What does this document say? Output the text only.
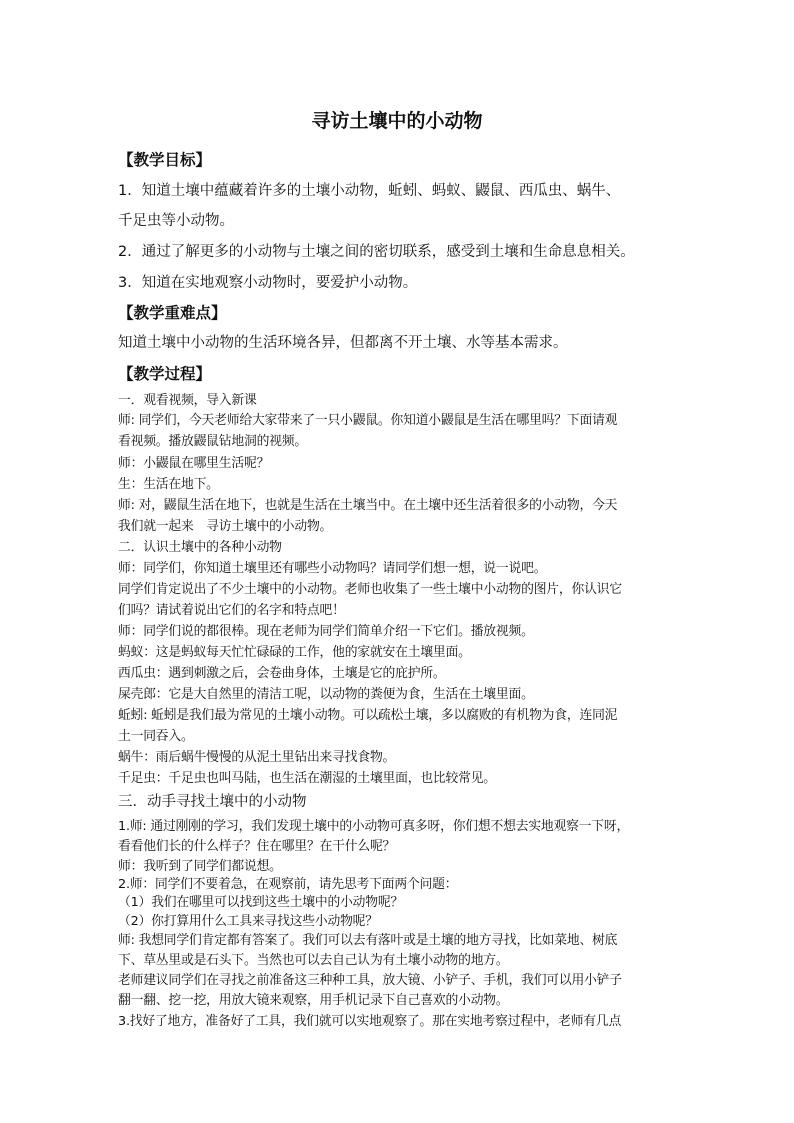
寻访土壤中的小动物
【教学目标】
1．知道土壤中蕴藏着许多的土壤小动物，蚯蚓、蚂蚁、鼹鼠、西瓜虫、蜗牛、
千足虫等小动物。
2．通过了解更多的小动物与土壤之间的密切联系，感受到土壤和生命息息相关。
3．知道在实地观察小动物时，要爱护小动物。
【教学重难点】
知道土壤中小动物的生活环境各异，但都离不开土壤、水等基本需求。
【教学过程】
一．观看视频，导入新课
师: 同学们，今天老师给大家带来了一只小鼹鼠。你知道小鼹鼠是生活在哪里吗？下面请观
看视频。播放鼹鼠钻地洞的视频。
师：小鼹鼠在哪里生活呢？
生：生活在地下。
师: 对，鼹鼠生活在地下，也就是生活在土壤当中。在土壤中还生活着很多的小动物，今天
我们就一起来　寻访土壤中的小动物。
二．认识土壤中的各种小动物
师：同学们，你知道土壤里还有哪些小动物吗？请同学们想一想，说一说吧。
同学们肯定说出了不少土壤中的小动物。老师也收集了一些土壤中小动物的图片，你认识它
们吗？请试着说出它们的名字和特点吧！
师：同学们说的都很棒。现在老师为同学们简单介绍一下它们。播放视频。
蚂蚁：这是蚂蚁每天忙忙碌碌的工作，他的家就安在土壤里面。
西瓜虫：遇到刺激之后，会卷曲身体，土壤是它的庇护所。
屎壳郎：它是大自然里的清洁工呢，以动物的粪便为食，生活在土壤里面。
蚯蚓: 蚯蚓是我们最为常见的土壤小动物。可以疏松土壤，多以腐败的有机物为食，连同泥
土一同吞入。
蜗牛：雨后蜗牛慢慢的从泥土里钻出来寻找食物。
千足虫：千足虫也叫马陆，也生活在潮湿的土壤里面，也比较常见。
三．动手寻找土壤中的小动物
1.师: 通过刚刚的学习，我们发现土壤中的小动物可真多呀，你们想不想去实地观察一下呀，
看看他们长的什么样子？住在哪里？在干什么呢？
师：我听到了同学们都说想。
2.师：同学们不要着急，在观察前，请先思考下面两个问题：
（1）我们在哪里可以找到这些土壤中的小动物呢？
（2）你打算用什么工具来寻找这些小动物呢？
师: 我想同学们肯定都有答案了。我们可以去有落叶或是土壤的地方寻找，比如菜地、树底
下、草丛里或是石头下。当然也可以去自己认为有土壤小动物的地方。
老师建议同学们在寻找之前准备这三种种工具，放大镜、小铲子、手机，我们可以用小铲子
翻一翻、挖一挖，用放大镜来观察，用手机记录下自己喜欢的小动物。
3.找好了地方，准备好了工具，我们就可以实地观察了。那在实地考察过程中，老师有几点
